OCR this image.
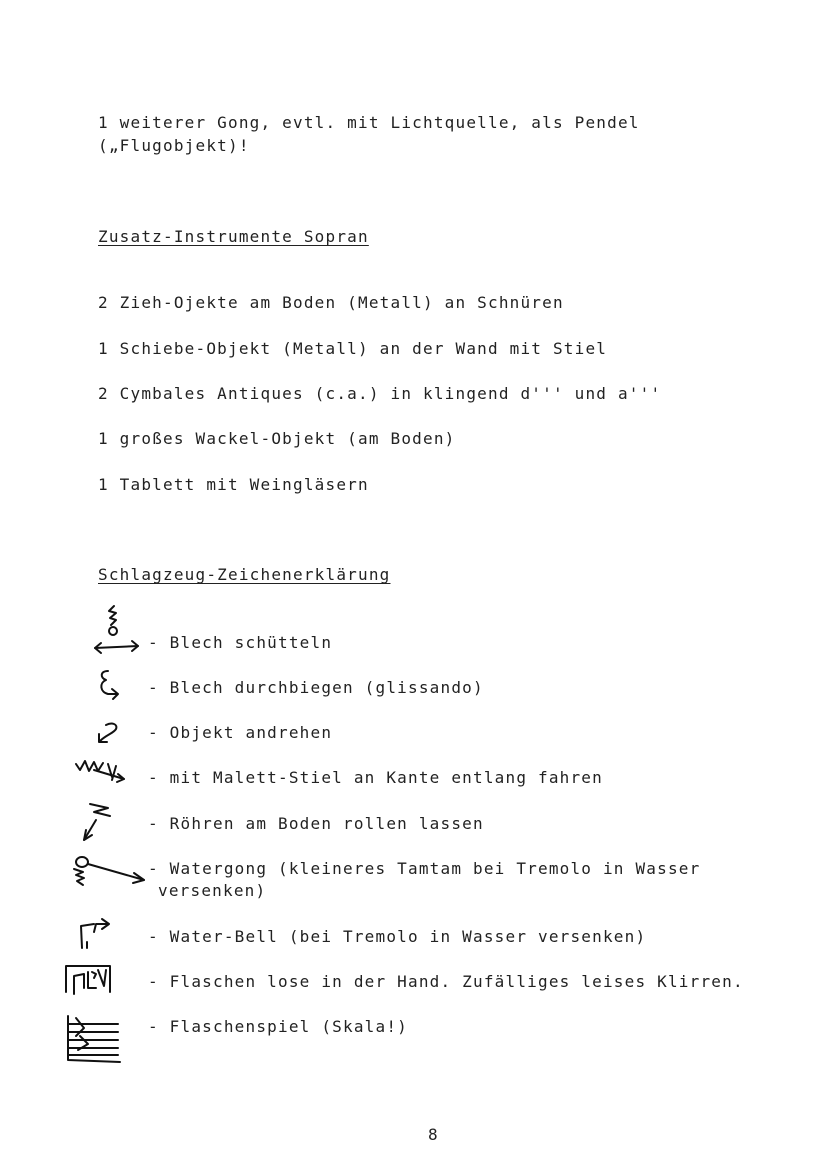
1 weiterer Gong, evtl. mit Lichtquelle, als Pendel
(„Flugobjekt)!
Zusatz-Instrumente Sopran
2 Zieh-Ojekte am Boden (Metall) an Schnüren
1 Schiebe-Objekt (Metall) an der Wand mit Stiel
2 Cymbales Antiques (c.a.) in klingend d''' und a'''
1 großes Wackel-Objekt (am Boden)
1 Tablett mit Weingläsern
Schlagzeug-Zeichenerklärung
- Blech schütteln
- Blech durchbiegen (glissando)
- Objekt andrehen
- mit Malett-Stiel an Kante entlang fahren
- Röhren am Boden rollen lassen
- Watergong (kleineres Tamtam bei Tremolo in Wasser
versenken)
- Water-Bell (bei Tremolo in Wasser versenken)
- Flaschen lose in der Hand. Zufälliges leises Klirren.
- Flaschenspiel (Skala!)
8
